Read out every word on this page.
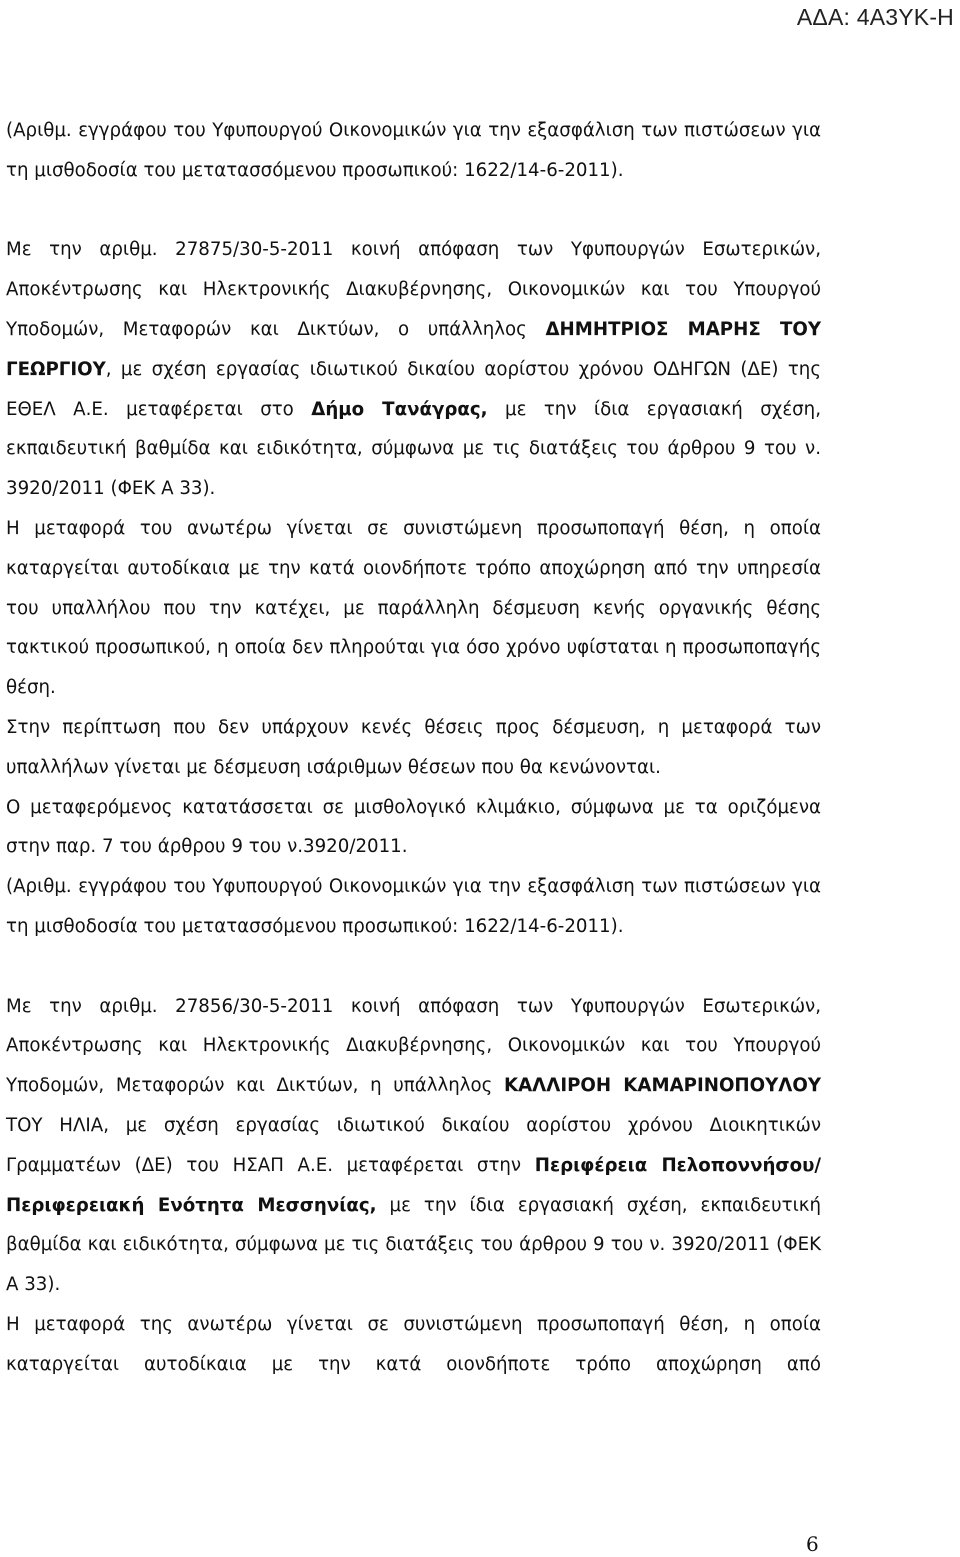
ΑΔΑ: 4Α3ΥΚ-Η

(Αριθμ. εγγράφου του Υφυπουργού Οικονομικών για την εξασφάλιση των πιστώσεων για τη μισθοδοσία του μετατασσόμενου προσωπικού: 1622/14-6-2011).

Με την αριθμ. 27875/30-5-2011 κοινή απόφαση των Υφυπουργών Εσωτερικών, Αποκέντρωσης και Ηλεκτρονικής Διακυβέρνησης, Οικονομικών και του Υπουργού Υποδομών, Μεταφορών και Δικτύων, ο υπάλληλος ΔΗΜΗΤΡΙΟΣ ΜΑΡΗΣ ΤΟΥ ΓΕΩΡΓΙΟΥ, με σχέση εργασίας ιδιωτικού δικαίου αορίστου χρόνου ΟΔΗΓΩΝ (ΔΕ) της ΕΘΕΛ Α.Ε. μεταφέρεται στο Δήμο Τανάγρας, με την ίδια εργασιακή σχέση, εκπαιδευτική βαθμίδα και ειδικότητα, σύμφωνα με τις διατάξεις του άρθρου 9 του ν. 3920/2011 (ΦΕΚ Α 33).

Η μεταφορά του ανωτέρω γίνεται σε συνιστώμενη προσωποπαγή θέση, η οποία καταργείται αυτοδίκαια με την κατά οιονδήποτε τρόπο αποχώρηση από την υπηρεσία του υπαλλήλου που την κατέχει, με παράλληλη δέσμευση κενής οργανικής θέσης τακτικού προσωπικού, η οποία δεν πληρούται για όσο χρόνο υφίσταται η προσωποπαγής θέση.

Στην περίπτωση που δεν υπάρχουν κενές θέσεις προς δέσμευση, η μεταφορά των υπαλλήλων γίνεται με δέσμευση ισάριθμων θέσεων που θα κενώνονται.

Ο μεταφερόμενος κατατάσσεται σε μισθολογικό κλιμάκιο, σύμφωνα με τα οριζόμενα στην παρ. 7 του άρθρου 9 του ν.3920/2011.

(Αριθμ. εγγράφου του Υφυπουργού Οικονομικών για την εξασφάλιση των πιστώσεων για τη μισθοδοσία του μετατασσόμενου προσωπικού: 1622/14-6-2011).

Με την αριθμ. 27856/30-5-2011 κοινή απόφαση των Υφυπουργών Εσωτερικών, Αποκέντρωσης και Ηλεκτρονικής Διακυβέρνησης, Οικονομικών και του Υπουργού Υποδομών, Μεταφορών και Δικτύων, η υπάλληλος ΚΑΛΛΙΡΟΗ ΚΑΜΑΡΙΝΟΠΟΥΛΟΥ ΤΟΥ ΗΛΙΑ, με σχέση εργασίας ιδιωτικού δικαίου αορίστου χρόνου Διοικητικών Γραμματέων (ΔΕ) του ΗΣΑΠ Α.Ε. μεταφέρεται στην Περιφέρεια Πελοποννήσου/ Περιφερειακή Ενότητα Μεσσηνίας, με την ίδια εργασιακή σχέση, εκπαιδευτική βαθμίδα και ειδικότητα, σύμφωνα με τις διατάξεις του άρθρου 9 του ν. 3920/2011 (ΦΕΚ Α 33).

Η μεταφορά της ανωτέρω γίνεται σε συνιστώμενη προσωποπαγή θέση, η οποία καταργείται αυτοδίκαια με την κατά οιονδήποτε τρόπο αποχώρηση από

6
